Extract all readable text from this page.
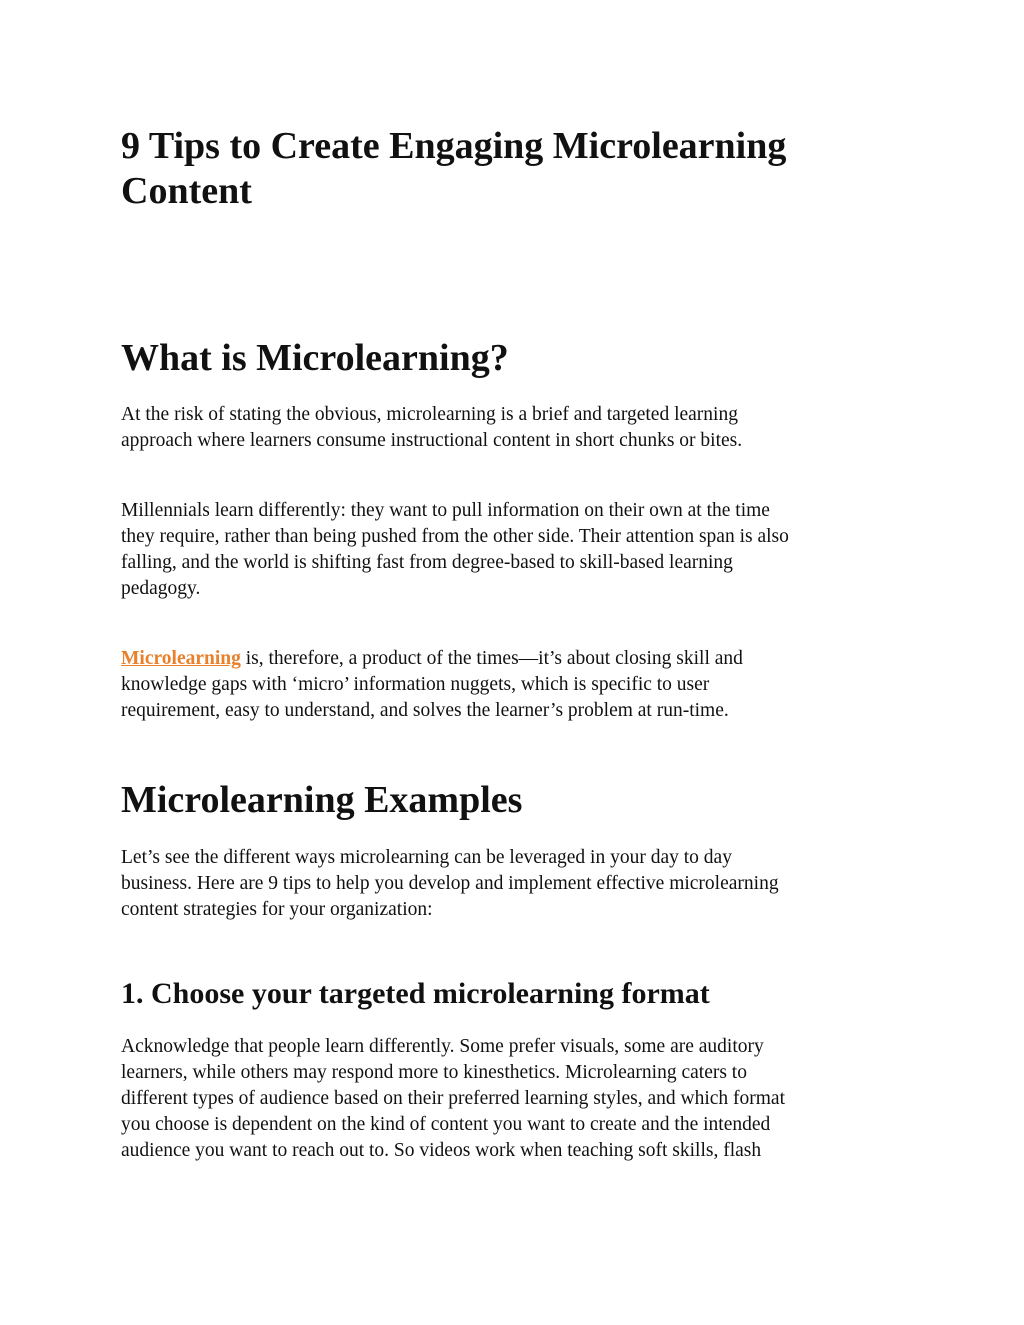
9 Tips to Create Engaging Microlearning
Content
What is Microlearning?

At the risk of stating the obvious, microlearning is a brief and targeted learning
approach where learners consume instructional content in short chunks or bites.

Millennials learn differently: they want to pull information on their own at the time
they require, rather than being pushed from the other side. Their attention span is also
falling, and the world is shifting fast from degree-based to skill-based learning
pedagogy.

Microlearning is, therefore, a product of the times—it’s about closing skill and
knowledge gaps with ‘micro’ information nuggets, which is specific to user
requirement, easy to understand, and solves the learner’s problem at run-time.

Microlearning Examples

Let’s see the different ways microlearning can be leveraged in your day to day
business. Here are 9 tips to help you develop and implement effective microlearning
content strategies for your organization:

1. Choose your targeted microlearning format

Acknowledge that people learn differently. Some prefer visuals, some are auditory
learners, while others may respond more to kinesthetics. Microlearning caters to
different types of audience based on their preferred learning styles, and which format
you choose is dependent on the kind of content you want to create and the intended
audience you want to reach out to. So videos work when teaching soft skills, flash
